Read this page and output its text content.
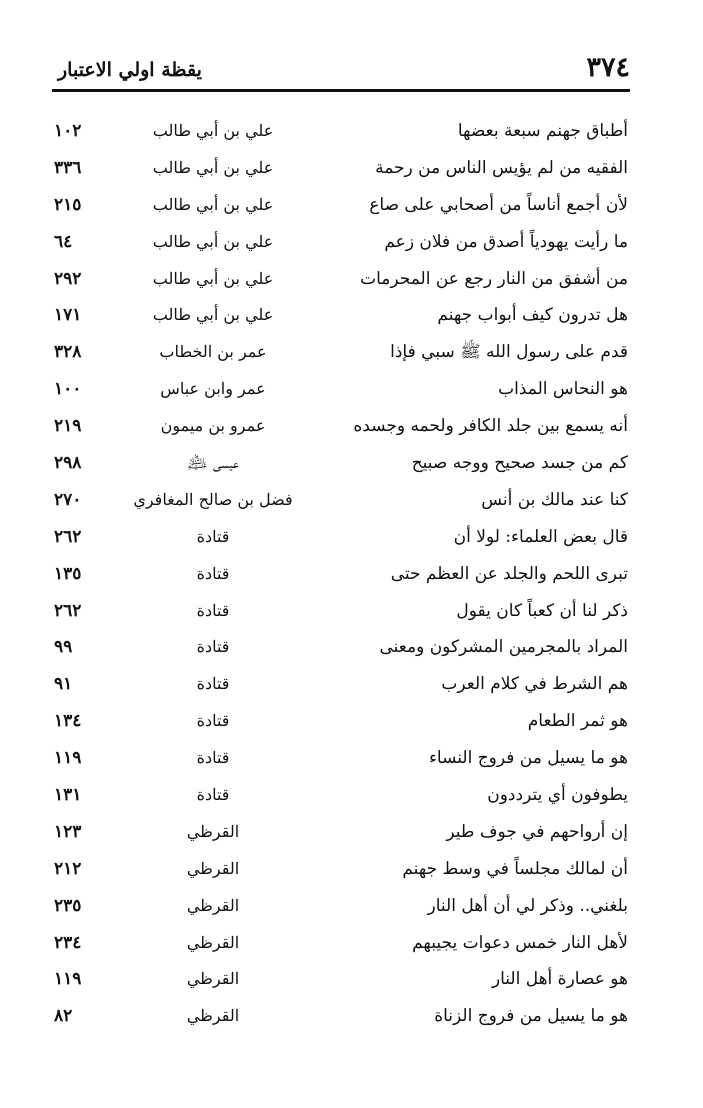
٣٧٤
يقظة اولي الاعتبار
أطباق جهنم سبعة بعضها
علي بن أبي طالب
١٠٢
الفقيه من لم يؤيس الناس من رحمة
علي بن أبي طالب
٣٣٦
لأن أجمع أناساً من أصحابي على صاع
علي بن أبي طالب
٢١٥
ما رأيت يهودياً أصدق من فلان زعم
علي بن أبي طالب
٦٤
من أشفق من النار رجع عن المحرمات
علي بن أبي طالب
٢٩٢
هل تدرون كيف أبواب جهنم
علي بن أبي طالب
١٧١
قدم على رسول الله ﷺ سبي فإذا
عمر بن الخطاب
٣٢٨
هو النحاس المذاب
عمر وابن عباس
١٠٠
أنه يسمع بين جلد الكافر ولحمه وجسده
عمرو بن ميمون
٢١٩
كم من جسد صحيح ووجه صبيح
عيسى ﵇
٢٩٨
كنا عند مالك بن أنس
فضل بن صالح المغافري
٢٧٠
قال بعض العلماء: لولا أن
قتادة
٢٦٢
تبرى اللحم والجلد عن العظم حتى
قتادة
١٣٥
ذكر لنا أن كعباً كان يقول
قتادة
٢٦٢
المراد بالمجرمين المشركون ومعنى
قتادة
٩٩
هم الشرط في كلام العرب
قتادة
٩١
هو ثمر الطعام
قتادة
١٣٤
هو ما يسيل من فروج النساء
قتادة
١١٩
يطوفون أي يترددون
قتادة
١٣١
إن أرواحهم في جوف طير
القرظي
١٢٣
أن لمالك مجلساً في وسط جهنم
القرظي
٢١٢
بلغني.. وذكر لي أن أهل النار
القرظي
٢٣٥
لأهل النار خمس دعوات يجيبهم
القرظي
٢٣٤
هو عصارة أهل النار
القرظي
١١٩
هو ما يسيل من فروج الزناة
القرظي
٨٢
